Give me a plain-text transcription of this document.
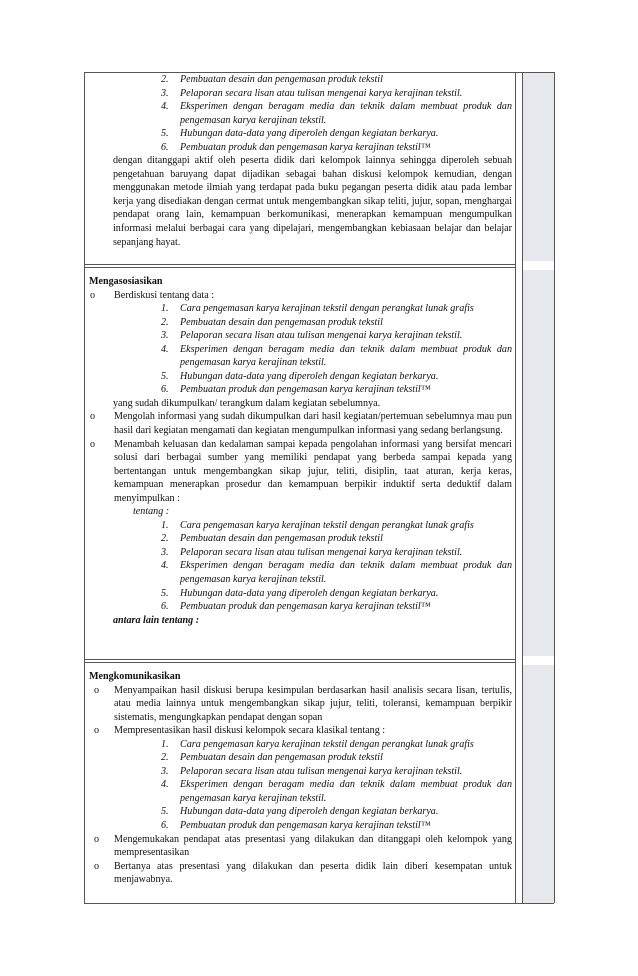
2.	Pembuatan desain dan pengemasan produk tekstil
3.	Pelaporan secara lisan atau tulisan mengenai karya kerajinan tekstil.
4.	Eksperimen dengan beragam media dan teknik dalam membuat produk dan pengemasan karya kerajinan tekstil.
5.	Hubungan data-data yang diperoleh dengan kegiatan berkarya.
6.	Pembuatan produk dan pengemasan karya kerajinan tekstil™

dengan ditanggapi aktif oleh peserta didik dari kelompok lainnya sehingga diperoleh sebuah pengetahuan baruyang dapat dijadikan sebagai bahan diskusi kelompok kemudian, dengan menggunakan metode ilmiah yang terdapat pada buku pegangan peserta didik atau pada lembar kerja yang disediakan dengan cermat untuk mengembangkan sikap teliti, jujur, sopan, menghargai pendapat orang lain, kemampuan berkomunikasi, menerapkan kemampuan mengumpulkan informasi melalui berbagai cara yang dipelajari, mengembangkan kebiasaan belajar dan belajar sepanjang hayat.

Mengasosiasikan

o	Berdiskusi tentang data :
1.	Cara pengemasan karya kerajinan tekstil dengan perangkat lunak grafis
2.	Pembuatan desain dan pengemasan produk tekstil
3.	Pelaporan secara lisan atau tulisan mengenai karya kerajinan tekstil.
4.	Eksperimen dengan beragam media dan teknik dalam membuat produk dan pengemasan karya kerajinan tekstil.
5.	Hubungan data-data yang diperoleh dengan kegiatan berkarya.
6.	Pembuatan produk dan pengemasan karya kerajinan tekstil™

yang sudah dikumpulkan/ terangkum dalam kegiatan sebelumnya.

o	Mengolah informasi yang sudah dikumpulkan dari hasil kegiatan/pertemuan sebelumnya mau pun hasil dari kegiatan mengamati dan kegiatan mengumpulkan informasi yang sedang berlangsung.
o	Menambah keluasan dan kedalaman sampai kepada pengolahan informasi yang bersifat mencari solusi dari berbagai sumber yang memiliki pendapat yang berbeda sampai kepada yang bertentangan untuk mengembangkan sikap jujur, teliti, disiplin, taat aturan, kerja keras, kemampuan menerapkan prosedur dan kemampuan berpikir induktif serta deduktif dalam menyimpulkan :

tentang :

1.	Cara pengemasan karya kerajinan tekstil dengan perangkat lunak grafis
2.	Pembuatan desain dan pengemasan produk tekstil
3.	Pelaporan secara lisan atau tulisan mengenai karya kerajinan tekstil.
4.	Eksperimen dengan beragam media dan teknik dalam membuat produk dan pengemasan karya kerajinan tekstil.
5.	Hubungan data-data yang diperoleh dengan kegiatan berkarya.
6.	Pembuatan produk dan pengemasan karya kerajinan tekstil™

antara lain tentang :

Mengkomunikasikan

o	Menyampaikan hasil diskusi berupa kesimpulan berdasarkan hasil analisis secara lisan, tertulis, atau media lainnya untuk mengembangkan sikap jujur, teliti, toleransi, kemampuan berpikir sistematis, mengungkapkan pendapat dengan sopan
o	Mempresentasikan hasil diskusi kelompok secara klasikal tentang :
1.	Cara pengemasan karya kerajinan tekstil dengan perangkat lunak grafis
2.	Pembuatan desain dan pengemasan produk tekstil
3.	Pelaporan secara lisan atau tulisan mengenai karya kerajinan tekstil.
4.	Eksperimen dengan beragam media dan teknik dalam membuat produk dan pengemasan karya kerajinan tekstil.
5.	Hubungan data-data yang diperoleh dengan kegiatan berkarya.
6.	Pembuatan produk dan pengemasan karya kerajinan tekstil™
o	Mengemukakan pendapat atas presentasi yang dilakukan dan ditanggapi oleh kelompok yang mempresentasikan
o	Bertanya atas presentasi yang dilakukan dan peserta didik lain diberi kesempatan untuk menjawabnya.
